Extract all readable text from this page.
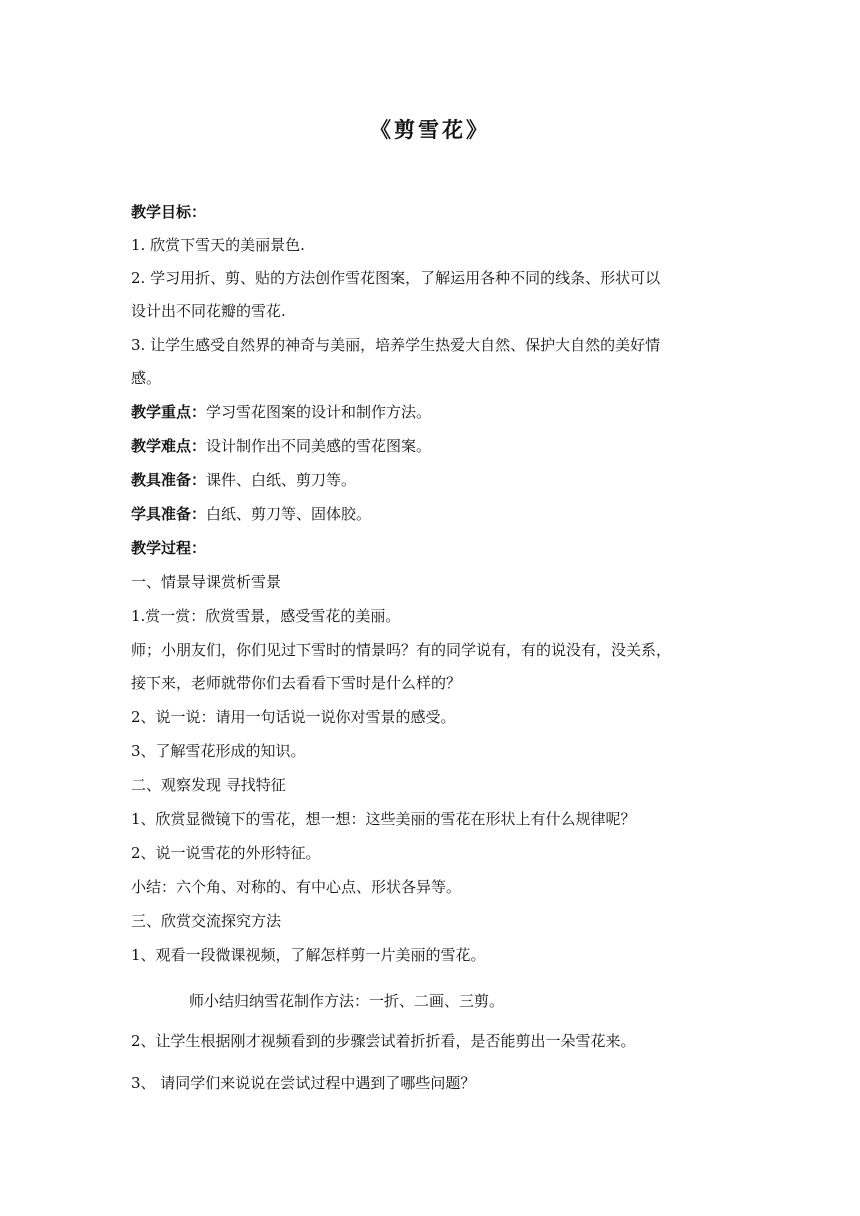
《剪雪花》
教学目标：
1. 欣赏下雪天的美丽景色.
2. 学习用折、剪、贴的方法创作雪花图案，了解运用各种不同的线条、形状可以
设计出不同花瓣的雪花.
3. 让学生感受自然界的神奇与美丽，培养学生热爱大自然、保护大自然的美好情
感。
教学重点：学习雪花图案的设计和制作方法。
教学难点：设计制作出不同美感的雪花图案。
教具准备：课件、白纸、剪刀等。
学具准备：白纸、剪刀等、固体胶。
教学过程：
一、情景导课赏析雪景
1.赏一赏：欣赏雪景，感受雪花的美丽。
师；小朋友们，你们见过下雪时的情景吗？有的同学说有，有的说没有，没关系，
接下来，老师就带你们去看看下雪时是什么样的？
2、说一说：请用一句话说一说你对雪景的感受。
3、了解雪花形成的知识。
二、观察发现 寻找特征
1、欣赏显微镜下的雪花，想一想：这些美丽的雪花在形状上有什么规律呢？
2、说一说雪花的外形特征。
小结：六个角、对称的、有中心点、形状各异等。
三、欣赏交流探究方法
1、观看一段微课视频，了解怎样剪一片美丽的雪花。
师小结归纳雪花制作方法：一折、二画、三剪。
2、让学生根据刚才视频看到的步骤尝试着折折看，是否能剪出一朵雪花来。
3、 请同学们来说说在尝试过程中遇到了哪些问题？
